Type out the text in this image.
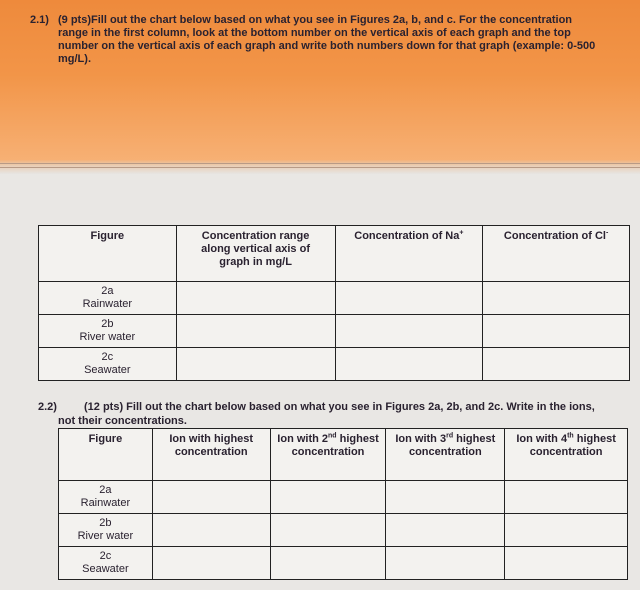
2.1) (9 pts)Fill out the chart below based on what you see in Figures 2a, b, and c. For the concentration
range in the first column, look at the bottom number on the vertical axis of each graph and the top
number on the vertical axis of each graph and write both numbers down for that graph (example: 0-500
mg/L).
Figure	Concentration range along vertical axis of graph in mg/L	Concentration of Na+	Concentration of Cl-

2a
Rainwater			

2b
River water			

2c
Seawater			

2.2) (12 pts) Fill out the chart below based on what you see in Figures 2a, 2b, and 2c. Write in the ions,
not their concentrations.
Figure	Ion with highest concentration	Ion with 2nd highest concentration	Ion with 3rd highest concentration	Ion with 4th highest concentration

2a
Rainwater				

2b
River water				

2c
Seawater				
